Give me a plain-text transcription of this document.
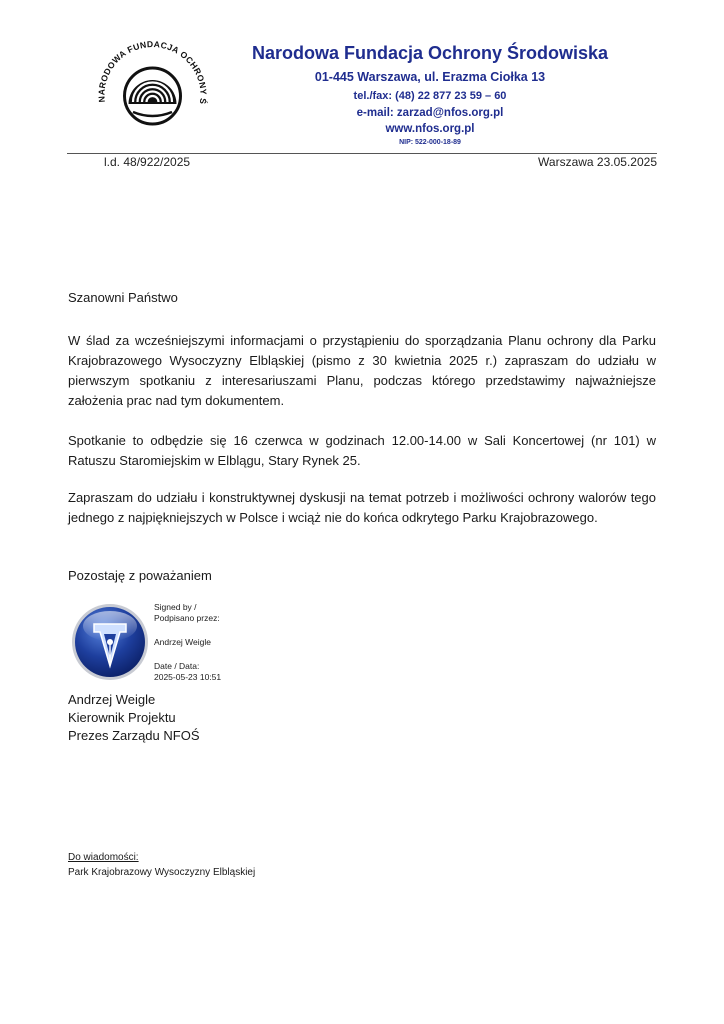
NARODOWA FUNDACJA OCHRONY Ś
Narodowa Fundacja Ochrony Środowiska
01-445 Warszawa, ul. Erazma Ciołka 13
tel./fax: (48) 22 877 23 59 – 60
e-mail: zarzad@nfos.org.pl
www.nfos.org.pl
NIP: 522-000-18-89
l.d. 48/922/2025	Warszawa 23.05.2025
Szanowni Państwo
W ślad za wcześniejszymi informacjami o przystąpieniu do sporządzania Planu ochrony dla Parku Krajobrazowego Wysoczyzny Elbląskiej (pismo z 30 kwietnia 2025 r.) zapraszam do udziału w pierwszym spotkaniu z interesariuszami Planu, podczas którego przedstawimy najważniejsze założenia prac nad tym dokumentem.
Spotkanie to odbędzie się 16 czerwca w godzinach 12.00-14.00 w Sali Koncertowej (nr 101) w Ratuszu Staromiejskim w Elblągu, Stary Rynek 25.
Zapraszam do udziału i konstruktywnej dyskusji na temat potrzeb i możliwości ochrony walorów tego jednego z najpiękniejszych w Polsce i wciąż nie do końca odkrytego Parku Krajobrazowego.
Pozostaję z poważaniem
Signed by /
Podpisano przez:
Andrzej Weigle
Date / Data:
2025-05-23 10:51
Andrzej Weigle
Kierownik Projektu
Prezes Zarządu NFOŚ
Do wiadomości:
Park Krajobrazowy Wysoczyzny Elbląskiej
